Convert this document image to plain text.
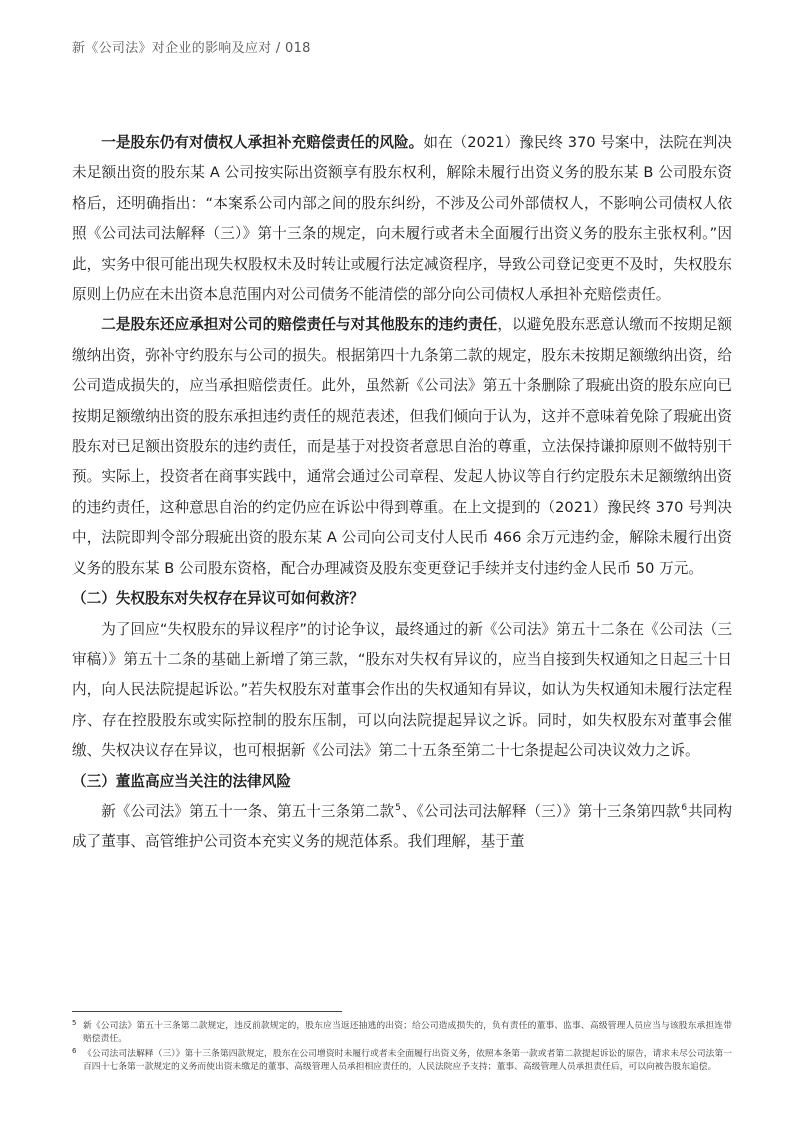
新《公司法》对企业的影响及应对 / 018

一是股东仍有对债权人承担补充赔偿责任的风险。如在（2021）豫民终 370 号案中，法院在判决未足额出资的股东某 A 公司按实际出资额享有股东权利，解除未履行出资义务的股东某 B 公司股东资格后，还明确指出：“本案系公司内部之间的股东纠纷，不涉及公司外部债权人，不影响公司债权人依照《公司法司法解释（三）》第十三条的规定，向未履行或者未全面履行出资义务的股东主张权利。”因此，实务中很可能出现失权股权未及时转让或履行法定减资程序，导致公司登记变更不及时，失权股东原则上仍应在未出资本息范围内对公司债务不能清偿的部分向公司债权人承担补充赔偿责任。

二是股东还应承担对公司的赔偿责任与对其他股东的违约责任，以避免股东恶意认缴而不按期足额缴纳出资，弥补守约股东与公司的损失。根据第四十九条第二款的规定，股东未按期足额缴纳出资，给公司造成损失的，应当承担赔偿责任。此外，虽然新《公司法》第五十条删除了瑕疵出资的股东应向已按期足额缴纳出资的股东承担违约责任的规范表述，但我们倾向于认为，这并不意味着免除了瑕疵出资股东对已足额出资股东的违约责任，而是基于对投资者意思自治的尊重，立法保持谦抑原则不做特别干预。实际上，投资者在商事实践中，通常会通过公司章程、发起人协议等自行约定股东未足额缴纳出资的违约责任，这种意思自治的约定仍应在诉讼中得到尊重。在上文提到的（2021）豫民终 370 号判决中，法院即判令部分瑕疵出资的股东某 A 公司向公司支付人民币 466 余万元违约金，解除未履行出资义务的股东某 B 公司股东资格，配合办理减资及股东变更登记手续并支付违约金人民币 50 万元。

（二）失权股东对失权存在异议可如何救济？

为了回应“失权股东的异议程序”的讨论争议，最终通过的新《公司法》第五十二条在《公司法（三审稿）》第五十二条的基础上新增了第三款，“股东对失权有异议的，应当自接到失权通知之日起三十日内，向人民法院提起诉讼。”若失权股东对董事会作出的失权通知有异议，如认为失权通知未履行法定程序、存在控股股东或实际控制的股东压制，可以向法院提起异议之诉。同时，如失权股东对董事会催缴、失权决议存在异议，也可根据新《公司法》第二十五条至第二十七条提起公司决议效力之诉。

（三）董监高应当关注的法律风险

新《公司法》第五十一条、第五十三条第二款$^5$、《公司法司法解释（三）》第十三条第四款$^6$共同构成了董事、高管维护公司资本充实义务的规范体系。我们理解，基于董

5 新《公司法》第五十三条第二款规定，违反前款规定的，股东应当返还抽逃的出资；给公司造成损失的，负有责任的董事、监事、高级管理人员应当与该股东承担连带赔偿责任。
6 《公司法司法解释（三）》第十三条第四款规定，股东在公司增资时未履行或者未全面履行出资义务，依照本条第一款或者第二款提起诉讼的原告，请求未尽公司法第一百四十七条第一款规定的义务而使出资未缴足的董事、高级管理人员承担相应责任的，人民法院应予支持；董事、高级管理人员承担责任后，可以向被告股东追偿。
